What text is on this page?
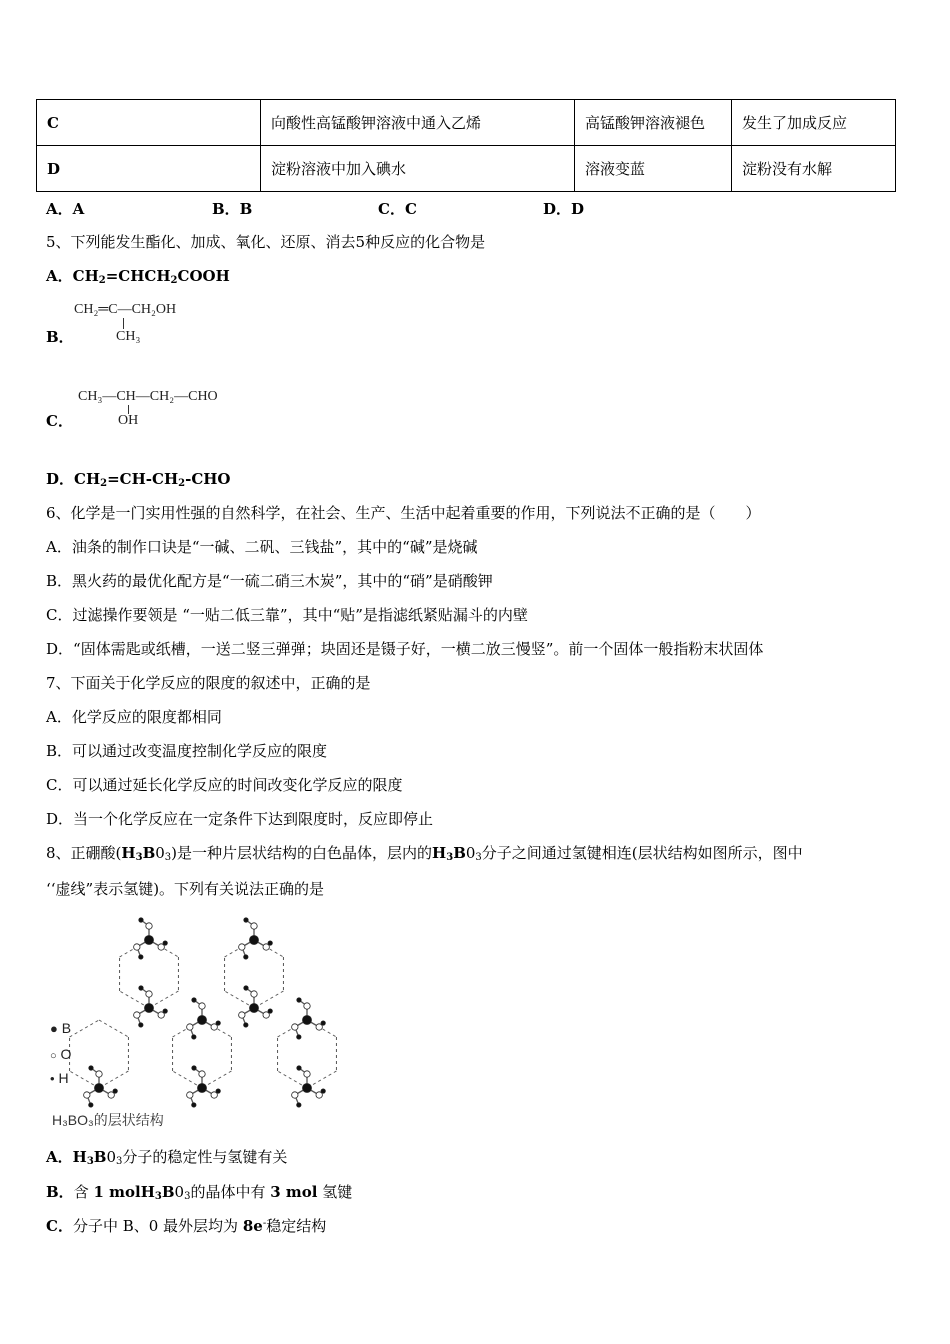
C	向酸性高锰酸钾溶液中通入乙烯	高锰酸钾溶液褪色	发生了加成反应
D	淀粉溶液中加入碘水	溶液变蓝	淀粉没有水解
A．A	B．B	C．C	D．D
5、下列能发生酯化、加成、氧化、还原、消去5种反应的化合物是
A．$CH_2=CHCH_2COOH$
B．
CH₂═C—CH₂OH
CH₃
C．
CH₃—CH—CH₂—CHO
OH
D．$CH_2=CH-CH_2$-CHO
6、化学是一门实用性强的自然科学，在社会、生产、生活中起着重要的作用，下列说法不正确的是（　　）
A．油条的制作口诀是“一碱、二矾、三钱盐”，其中的“碱”是烧碱
B．黑火药的最优化配方是“一硫二硝三木炭”，其中的“硝”是硝酸钾
C．过滤操作要领是 “一贴二低三靠”，其中“贴”是指滤纸紧贴漏斗的内壁
D．“固体需匙或纸槽，一送二竖三弹弹；块固还是镊子好，一横二放三慢竖”。前一个固体一般指粉末状固体
7、下面关于化学反应的限度的叙述中，正确的是
A．化学反应的限度都相同
B．可以通过改变温度控制化学反应的限度
C．可以通过延长化学反应的时间改变化学反应的限度
D．当一个化学反应在一定条件下达到限度时，反应即停止
8、正硼酸$(H_3B0_3)$是一种片层状结构的白色晶体，层内的$H_3B0_3$分子之间通过氢键相连(层状结构如图所示，图中
‘‘虚线”表示氢键)。下列有关说法正确的是
● B
○ O
• H
H₃BO₃的层状结构
A．$H_3B0_3$分子的稳定性与氢键有关
B．含 1 $molH_3B0_3$的晶体中有 3 mol 氢键
C．分子中 B、0 最外层均为 8e-稳定结构
